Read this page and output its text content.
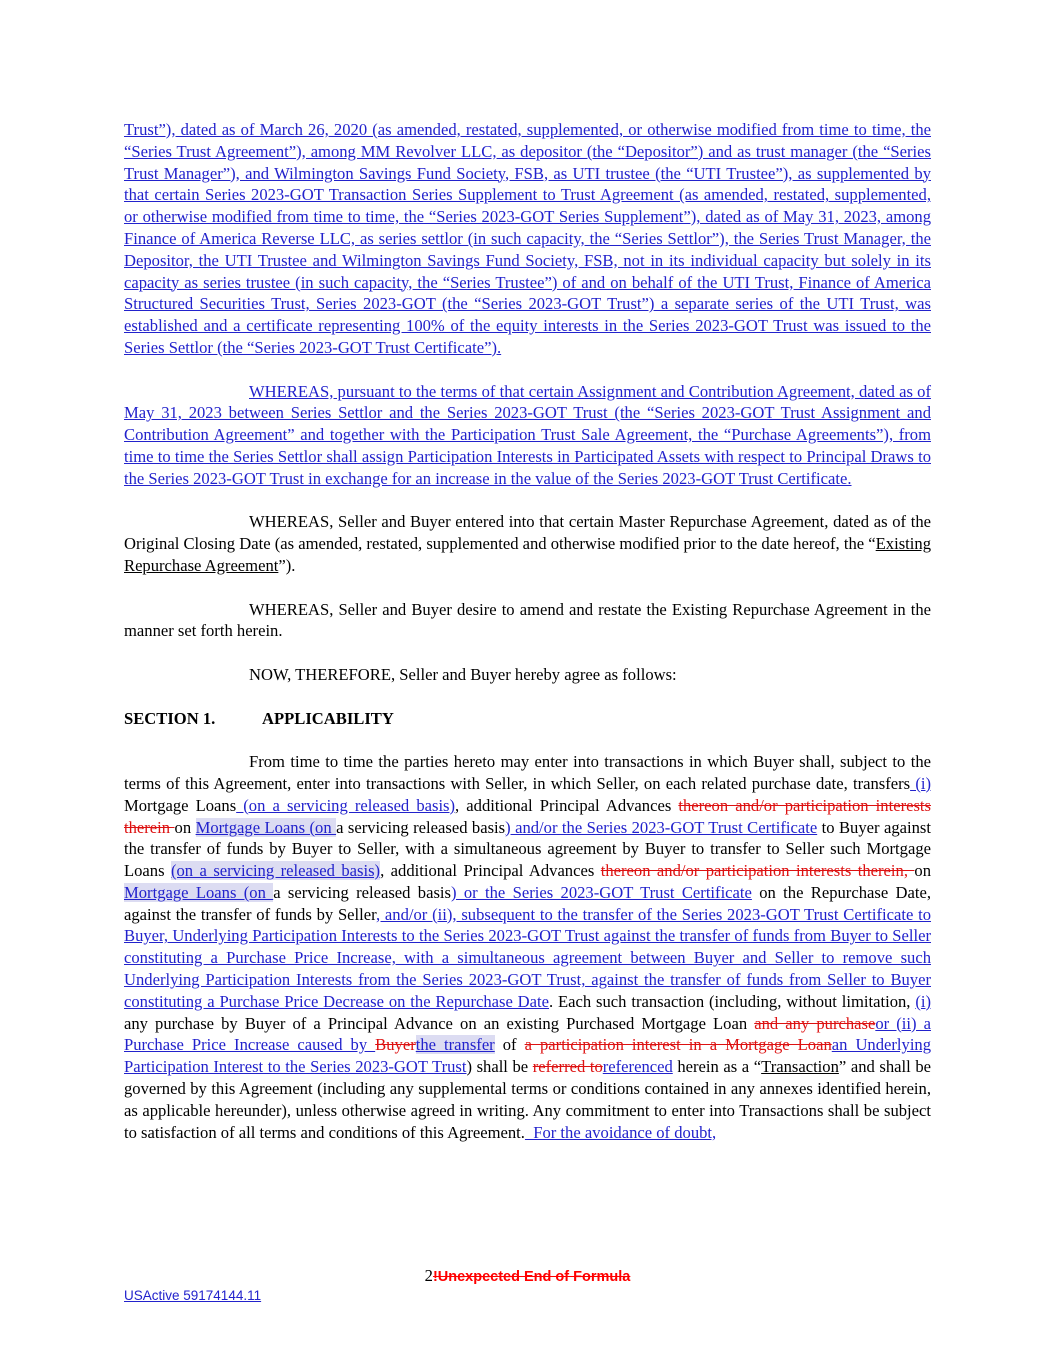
Trust”), dated as of March 26, 2020 (as amended, restated, supplemented, or otherwise modified from time to time, the “Series Trust Agreement”), among MM Revolver LLC, as depositor (the “Depositor”) and as trust manager (the “Series Trust Manager”), and Wilmington Savings Fund Society, FSB, as UTI trustee (the “UTI Trustee”), as supplemented by that certain Series 2023-GOT Transaction Series Supplement to Trust Agreement (as amended, restated, supplemented, or otherwise modified from time to time, the “Series 2023-GOT Series Supplement”), dated as of May 31, 2023, among Finance of America Reverse LLC, as series settlor (in such capacity, the “Series Settlor”), the Series Trust Manager, the Depositor, the UTI Trustee and Wilmington Savings Fund Society, FSB, not in its individual capacity but solely in its capacity as series trustee (in such capacity, the “Series Trustee”) of and on behalf of the UTI Trust, Finance of America Structured Securities Trust, Series 2023-GOT (the “Series 2023-GOT Trust”) a separate series of the UTI Trust, was established and a certificate representing 100% of the equity interests in the Series 2023-GOT Trust was issued to the Series Settlor (the “Series 2023-GOT Trust Certificate”).
WHEREAS, pursuant to the terms of that certain Assignment and Contribution Agreement, dated as of May 31, 2023 between Series Settlor and the Series 2023-GOT Trust (the “Series 2023-GOT Trust Assignment and Contribution Agreement” and together with the Participation Trust Sale Agreement, the “Purchase Agreements”), from time to time the Series Settlor shall assign Participation Interests in Participated Assets with respect to Principal Draws to the Series 2023-GOT Trust in exchange for an increase in the value of the Series 2023-GOT Trust Certificate.
WHEREAS, Seller and Buyer entered into that certain Master Repurchase Agreement, dated as of the Original Closing Date (as amended, restated, supplemented and otherwise modified prior to the date hereof, the “Existing Repurchase Agreement”).
WHEREAS, Seller and Buyer desire to amend and restate the Existing Repurchase Agreement in the manner set forth herein.
NOW, THEREFORE, Seller and Buyer hereby agree as follows:
SECTION 1.	APPLICABILITY
From time to time the parties hereto may enter into transactions in which Buyer shall, subject to the terms of this Agreement, enter into transactions with Seller, in which Seller, on each related purchase date, transfers (i) Mortgage Loans (on a servicing released basis), additional Principal Advances thereon and/or participation interests therein on Mortgage Loans (on a servicing released basis) and/or the Series 2023-GOT Trust Certificate to Buyer against the transfer of funds by Buyer to Seller, with a simultaneous agreement by Buyer to transfer to Seller such Mortgage Loans (on a servicing released basis), additional Principal Advances thereon and/or participation interests therein, on Mortgage Loans (on a servicing released basis) or the Series 2023-GOT Trust Certificate on the Repurchase Date, against the transfer of funds by Seller, and/or (ii), subsequent to the transfer of the Series 2023-GOT Trust Certificate to Buyer, Underlying Participation Interests to the Series 2023-GOT Trust against the transfer of funds from Buyer to Seller constituting a Purchase Price Increase, with a simultaneous agreement between Buyer and Seller to remove such Underlying Participation Interests from the Series 2023-GOT Trust, against the transfer of funds from Seller to Buyer constituting a Purchase Price Decrease on the Repurchase Date. Each such transaction (including, without limitation, (i) any purchase by Buyer of a Principal Advance on an existing Purchased Mortgage Loan and any purchaseor (ii) a Purchase Price Increase caused by Buyerthe transfer of a participation interest in a Mortgage Loanan Underlying Participation Interest to the Series 2023-GOT Trust) shall be referred toreferenced herein as a “Transaction” and shall be governed by this Agreement (including any supplemental terms or conditions contained in any annexes identified herein, as applicable hereunder), unless otherwise agreed in writing. Any commitment to enter into Transactions shall be subject to satisfaction of all terms and conditions of this Agreement.  For the avoidance of doubt,
2!Unexpected End of Formula
USActive 59174144.11
